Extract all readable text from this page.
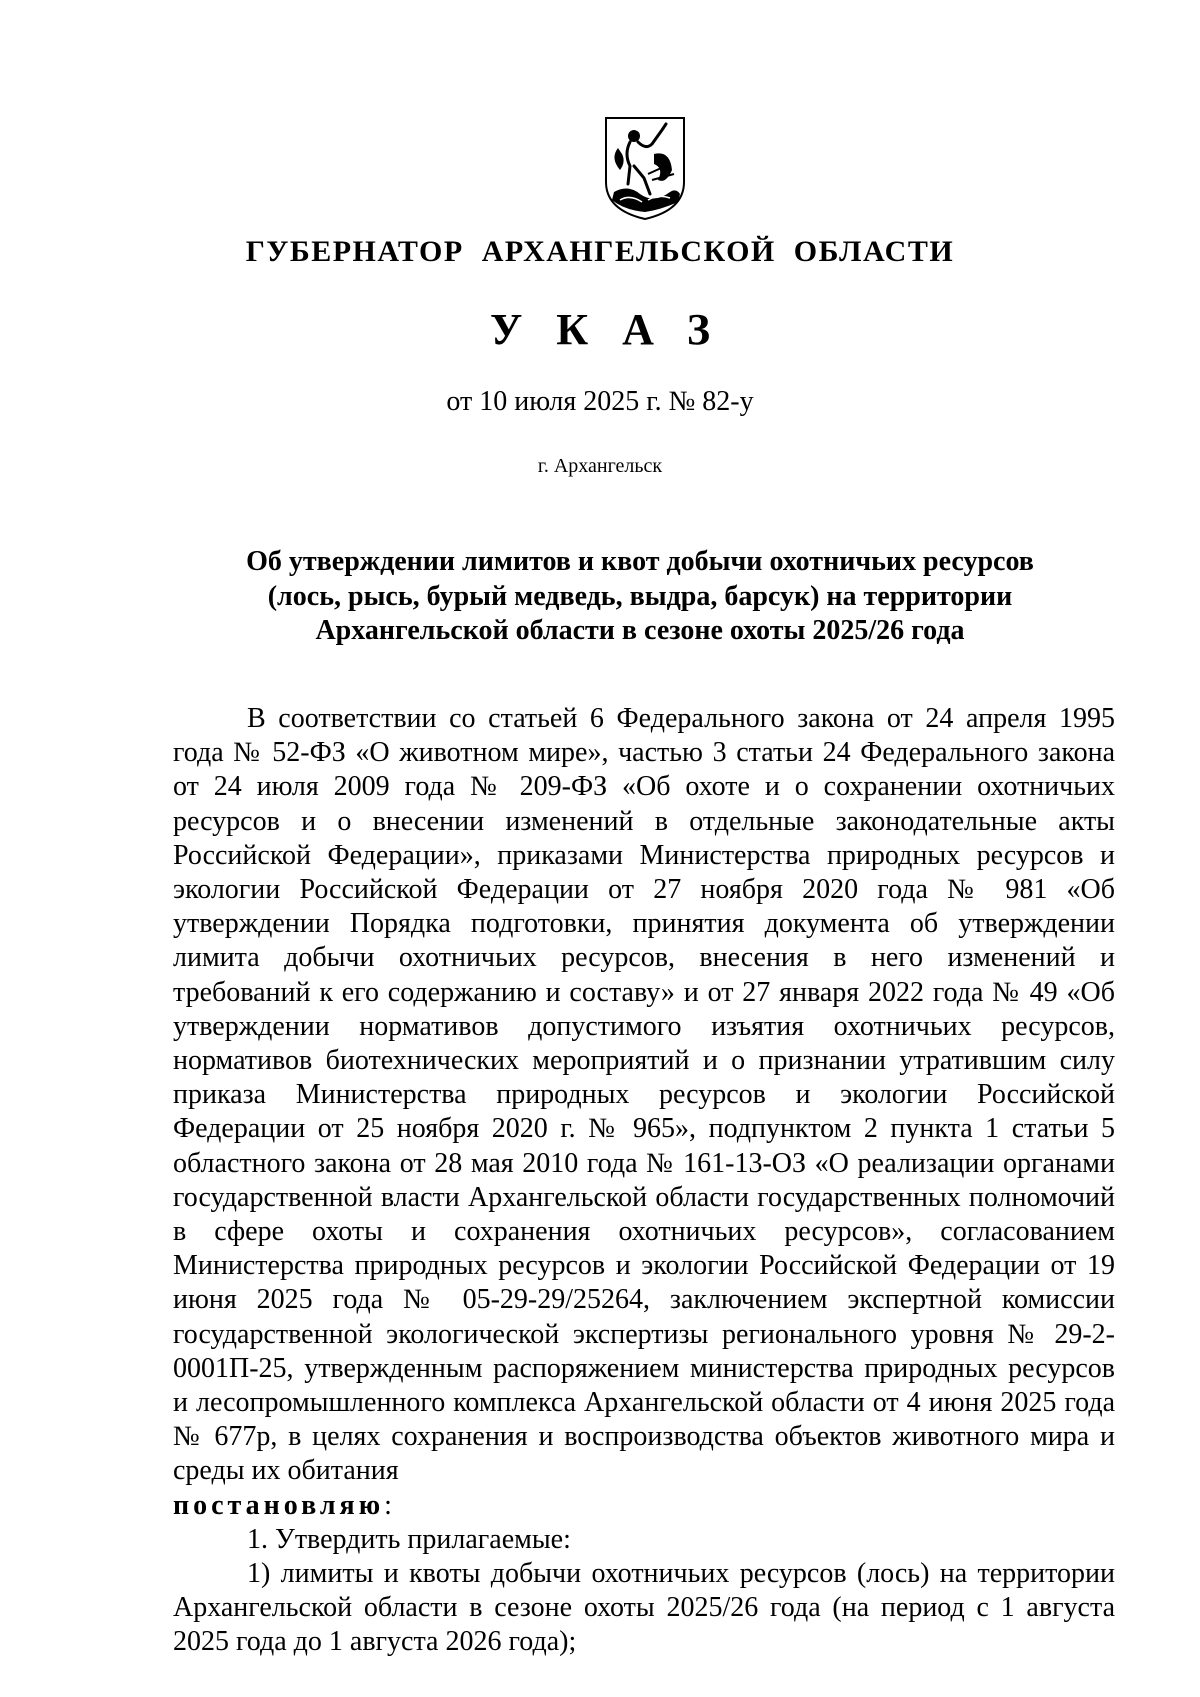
ГУБЕРНАТОР АРХАНГЕЛЬСКОЙ ОБЛАСТИ
УКАЗ

от 10 июля 2025 г. № 82-у

г. Архангельск

Об утверждении лимитов и квот добычи охотничьих ресурсов
(лось, рысь, бурый медведь, выдра, барсук) на территории
Архангельской области в сезоне охоты 2025/26 года

В соответствии со статьей 6 Федерального закона от 24 апреля 1995 года № 52-ФЗ «О животном мире», частью 3 статьи 24 Федерального закона от 24 июля 2009 года № 209-ФЗ «Об охоте и о сохранении охотничьих ресурсов и о внесении изменений в отдельные законодательные акты Российской Федерации», приказами Министерства природных ресурсов и экологии Российской Федерации от 27 ноября 2020 года № 981 «Об утверждении Порядка подготовки, принятия документа об утверждении лимита добычи охотничьих ресурсов, внесения в него изменений и требований к его содержанию и составу» и от 27 января 2022 года № 49 «Об утверждении нормативов допустимого изъятия охотничьих ресурсов, нормативов биотехнических мероприятий и о признании утратившим силу приказа Министерства природных ресурсов и экологии Российской Федерации от 25 ноября 2020 г. № 965», подпунктом 2 пункта 1 статьи 5 областного закона от 28 мая 2010 года № 161-13-ОЗ «О реализации органами государственной власти Архангельской области государственных полномочий в сфере охоты и сохранения охотничьих ресурсов», согласованием Министерства природных ресурсов и экологии Российской Федерации от 19 июня 2025 года № 05-29-29/25264, заключением экспертной комиссии государственной экологической экспертизы регионального уровня № 29-2-0001П-25, утвержденным распоряжением министерства природных ресурсов и лесопромышленного комплекса Архангельской области от 4 июня 2025 года № 677р, в целях сохранения и воспроизводства объектов животного мира и среды их обитания

постановляю:

1. Утвердить прилагаемые:

1) лимиты и квоты добычи охотничьих ресурсов (лось) на территории Архангельской области в сезоне охоты 2025/26 года (на период с 1 августа 2025 года до 1 августа 2026 года);
